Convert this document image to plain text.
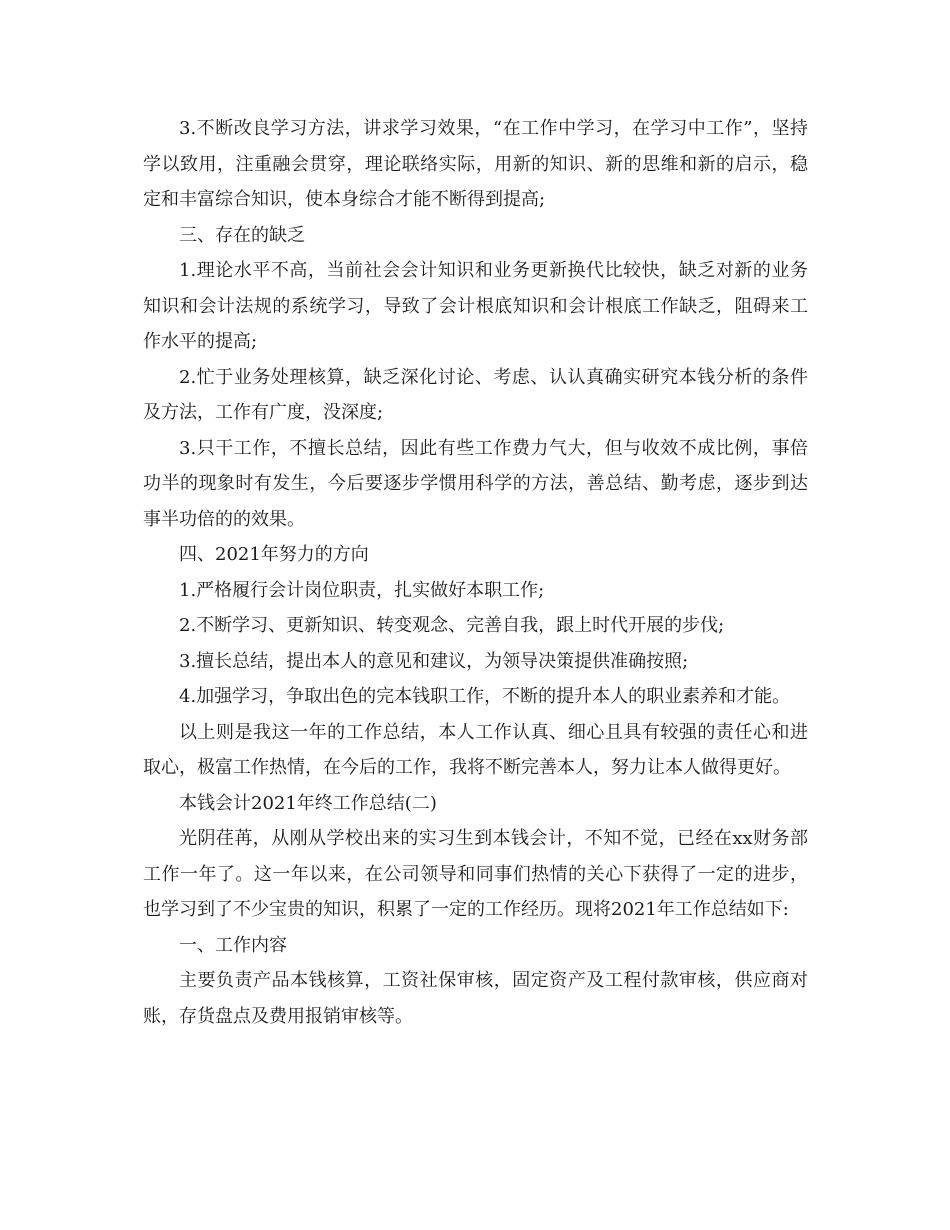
3.不断改良学习方法，讲求学习效果，“在工作中学习，在学习中工作”，坚持学以致用，注重融会贯穿，理论联络实际，用新的知识、新的思维和新的启示，稳定和丰富综合知识，使本身综合才能不断得到提高;

三、存在的缺乏

1.理论水平不高，当前社会会计知识和业务更新换代比较快，缺乏对新的业务知识和会计法规的系统学习，导致了会计根底知识和会计根底工作缺乏，阻碍来工作水平的提高;

2.忙于业务处理核算，缺乏深化讨论、考虑、认认真确实研究本钱分析的条件及方法，工作有广度，没深度;

3.只干工作，不擅长总结，因此有些工作费力气大，但与收效不成比例，事倍功半的现象时有发生，今后要逐步学惯用科学的方法，善总结、勤考虑，逐步到达事半功倍的的效果。

四、2021年努力的方向

1.严格履行会计岗位职责，扎实做好本职工作;

2.不断学习、更新知识、转变观念、完善自我，跟上时代开展的步伐;

3.擅长总结，提出本人的意见和建议，为领导决策提供准确按照;

4.加强学习，争取出色的完本钱职工作，不断的提升本人的职业素养和才能。

以上则是我这一年的工作总结，本人工作认真、细心且具有较强的责任心和进取心，极富工作热情，在今后的工作，我将不断完善本人，努力让本人做得更好。

本钱会计2021年终工作总结(二)

光阴荏苒，从刚从学校出来的实习生到本钱会计，不知不觉，已经在xx财务部工作一年了。这一年以来，在公司领导和同事们热情的关心下获得了一定的进步，也学习到了不少宝贵的知识，积累了一定的工作经历。现将2021年工作总结如下:

一、工作内容

主要负责产品本钱核算，工资社保审核，固定资产及工程付款审核，供应商对账，存货盘点及费用报销审核等。
